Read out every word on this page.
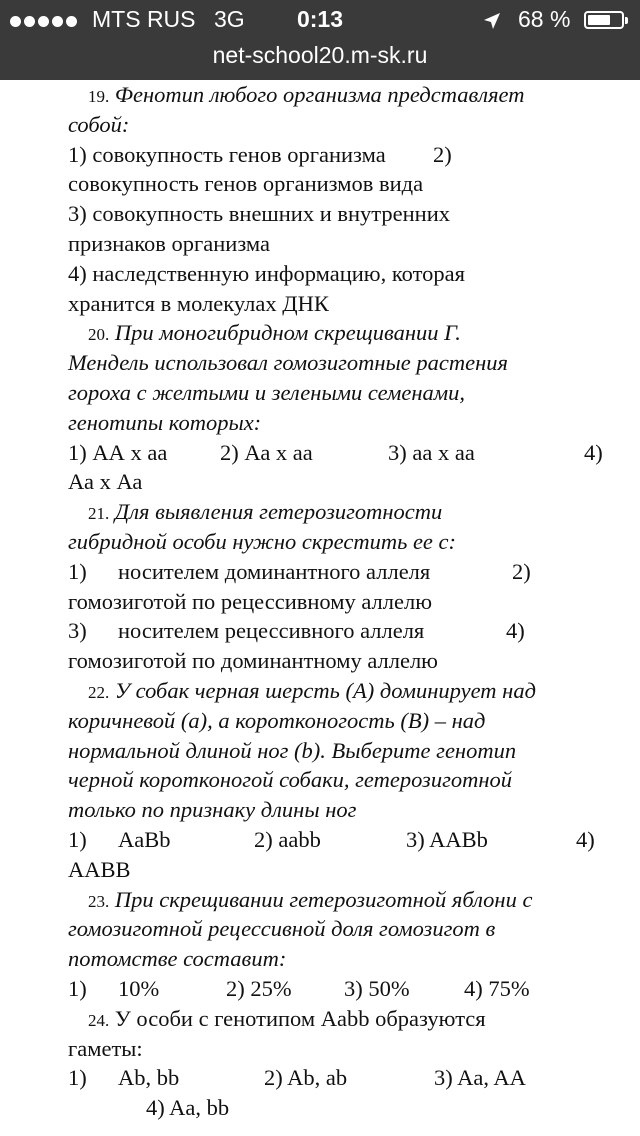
MTS RUS 3G	0:13	68 %
net-school20.m-sk.ru
19. Фенотип любого организма представляет
собой:
1) совокупность генов организма 2)
совокупность генов организмов вида
3) совокупность внешних и внутренних
признаков организма
4) наследственную информацию, которая
хранится в молекулах ДНК
20. При моногибридном скрещивании Г.
Мендель использовал гомозиготные растения
гороха с желтыми и зелеными семенами,
генотипы которых:
1) АА х аа 2) Аа х аа	3) аа х аа	4)
Аа х Аа
21. Для выявления гетерозиготности
гибридной особи нужно скрестить ее с:
1) носителем доминантного аллеля	2)
гомозиготой по рецессивному аллелю
3) носителем рецессивного аллеля	4)
гомозиготой по доминантному аллелю
22. У собак черная шерсть (А) доминирует над
коричневой (а), а коротконогость (В) – над
нормальной длиной ног (b). Выберите генотип
черной коротконогой собаки, гетерозиготной
только по признаку длины ног
1) AaBb	2) aabb	3) AABb	4)
AABB
23. При скрещивании гетерозиготной яблони с
гомозиготной рецессивной доля гомозигот в
потомстве составит:
1) 10%	2) 25% 3) 50% 4) 75%
24. У особи с генотипом Aabb образуются
гаметы:
1) Ab, bb	2) Ab, ab	3) Aa, AA
4) Aa, bb
